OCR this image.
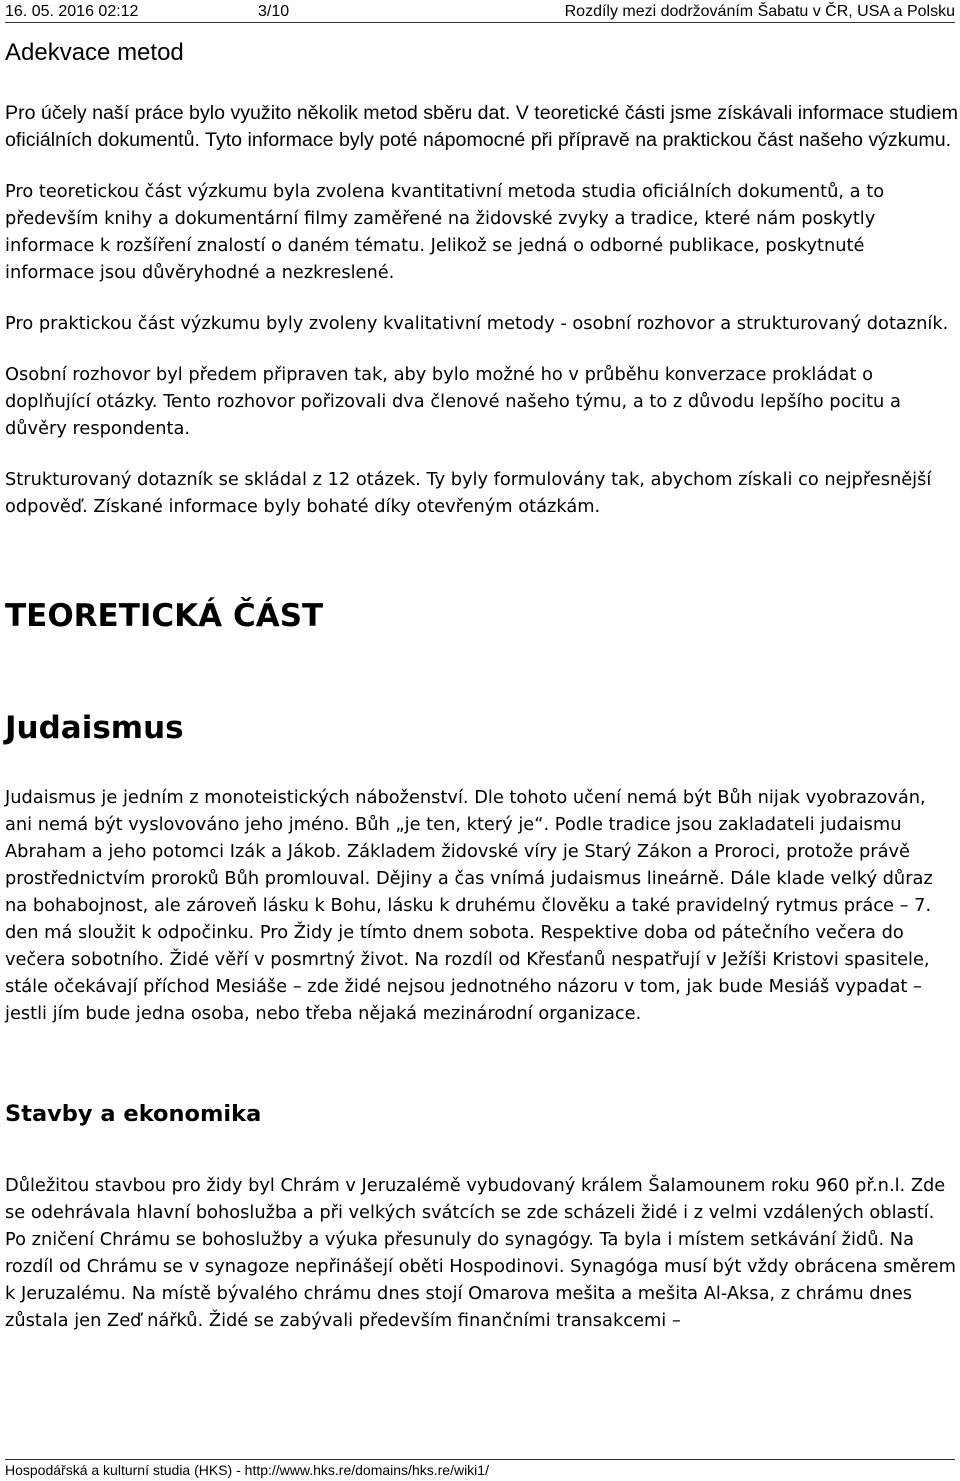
16. 05. 2016 02:12	3/10	Rozdíly mezi dodržováním Šabatu v ČR, USA a Polsku
Adekvace metod

Pro účely naší práce bylo využito několik metod sběru dat. V teoretické části jsme získávali informace studiem oficiálních dokumentů. Tyto informace byly poté nápomocné při přípravě na praktickou část našeho výzkumu.

Pro teoretickou část výzkumu byla zvolena kvantitativní metoda studia oficiálních dokumentů, a to především knihy a dokumentární filmy zaměřené na židovské zvyky a tradice, které nám poskytly informace k rozšíření znalostí o daném tématu. Jelikož se jedná o odborné publikace, poskytnuté informace jsou důvěryhodné a nezkreslené.

Pro praktickou část výzkumu byly zvoleny kvalitativní metody - osobní rozhovor a strukturovaný dotazník.

Osobní rozhovor byl předem připraven tak, aby bylo možné ho v průběhu konverzace prokládat o doplňující otázky. Tento rozhovor pořizovali dva členové našeho týmu, a to z důvodu lepšího pocitu a důvěry respondenta.

Strukturovaný dotazník se skládal z 12 otázek. Ty byly formulovány tak, abychom získali co nejpřesnější odpověď. Získané informace byly bohaté díky otevřeným otázkám.

TEORETICKÁ ČÁST
Judaismus

Judaismus je jedním z monoteistických náboženství. Dle tohoto učení nemá být Bůh nijak vyobrazován, ani nemá být vyslovováno jeho jméno. Bůh „je ten, který je“. Podle tradice jsou zakladateli judaismu Abraham a jeho potomci Izák a Jákob. Základem židovské víry je Starý Zákon a Proroci, protože právě prostřednictvím proroků Bůh promlouval. Dějiny a čas vnímá judaismus lineárně. Dále klade velký důraz na bohabojnost, ale zároveň lásku k Bohu, lásku k druhému člověku a také pravidelný rytmus práce – 7. den má sloužit k odpočinku. Pro Židy je tímto dnem sobota. Respektive doba od pátečního večera do večera sobotního. Židé věří v posmrtný život. Na rozdíl od Křesťanů nespatřují v Ježíši Kristovi spasitele, stále očekávají příchod Mesiáše – zde židé nejsou jednotného názoru v tom, jak bude Mesiáš vypadat – jestli jím bude jedna osoba, nebo třeba nějaká mezinárodní organizace.

Stavby a ekonomika

Důležitou stavbou pro židy byl Chrám v Jeruzalémě vybudovaný králem Šalamounem roku 960 př.n.l. Zde se odehrávala hlavní bohoslužba a při velkých svátcích se zde scházeli židé i z velmi vzdálených oblastí. Po zničení Chrámu se bohoslužby a výuka přesunuly do synagógy. Ta byla i místem setkávání židů. Na rozdíl od Chrámu se v synagoze nepřinášejí oběti Hospodinovi. Synagóga musí být vždy obrácena směrem k Jeruzalému. Na místě bývalého chrámu dnes stojí Omarova mešita a mešita Al-Aksa, z chrámu dnes zůstala jen Zeď nářků. Židé se zabývali především finančními transakcemi –

Hospodářská a kulturní studia (HKS) - http://www.hks.re/domains/hks.re/wiki1/
